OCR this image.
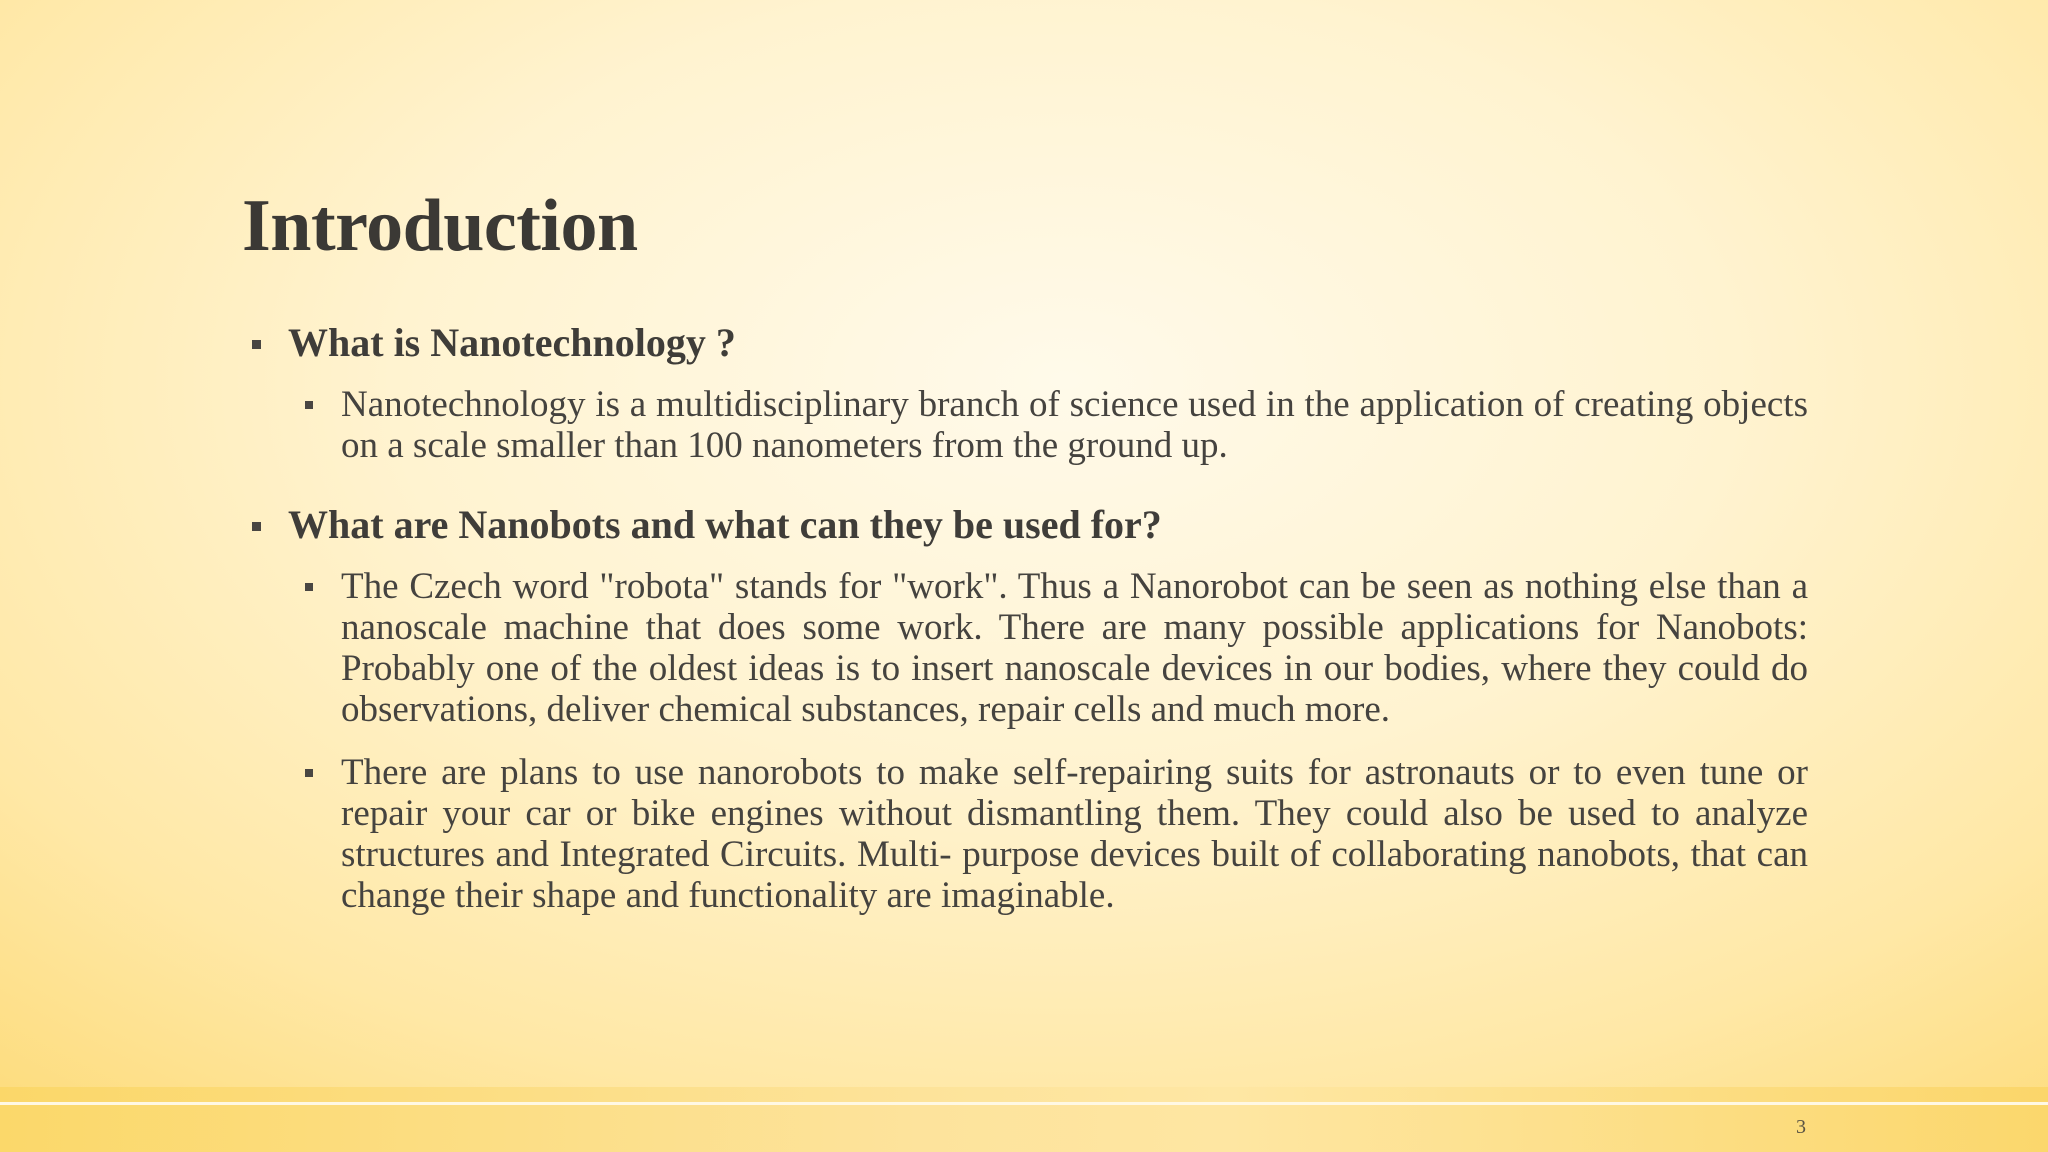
Introduction
What is Nanotechnology ?
Nanotechnology is a multidisciplinary branch of science used in the application of creating objects on a scale smaller than 100 nanometers from the ground up.
What are Nanobots and what can they be used for?
The Czech word "robota" stands for "work". Thus a Nanorobot can be seen as nothing else than a nanoscale machine that does some work. There are many possible applications for Nanobots: Probably one of the oldest ideas is to insert nanoscale devices in our bodies, where they could do observations, deliver chemical substances, repair cells and much more.
There are plans to use nanorobots to make self-repairing suits for astronauts or to even tune or repair your car or bike engines without dismantling them. They could also be used to analyze structures and Integrated Circuits. Multi- purpose devices built of collaborating nanobots, that can change their shape and functionality are imaginable.
3
